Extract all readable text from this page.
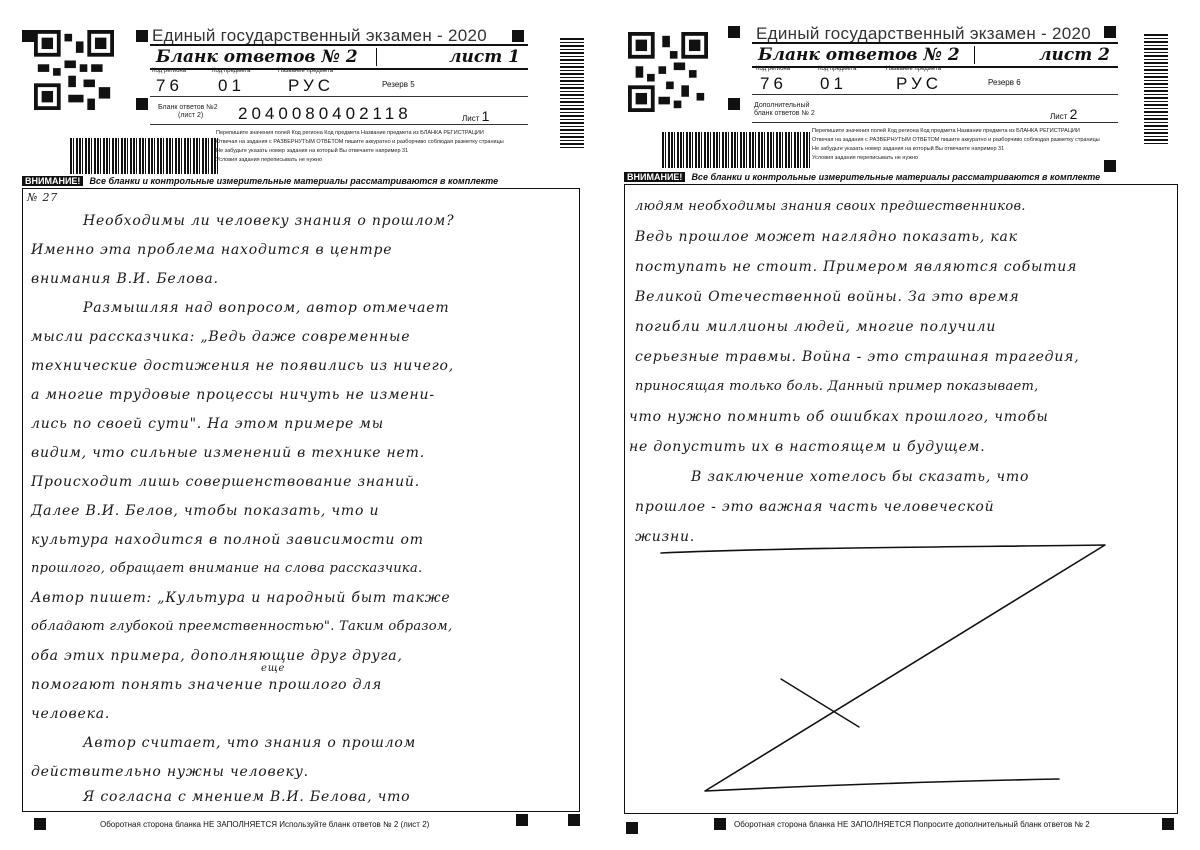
Единый государственный экзамен - 2020
Бланк ответов № 2	лист 1
Код региона	Код предмета	Название предмета
76 01	РУС	Резерв 5
Бланк ответов №2
(лист 2) 2040080402118	Лист 1
Перепишите значения полей Код региона Код предмета Название предмета из БЛАНКА РЕГИСТРАЦИИ
Отвечая на задания с РАЗВЕРНУТЫМ ОТВЕТОМ пишите аккуратно и разборчиво соблюдая разметку страницы
Не забудьте указать номер задания на который Вы отвечаете например 31
Условия задания переписывать не нужно
ВНИМАНИЕ! Все бланки и контрольные измерительные материалы рассматриваются в комплекте
№ 27
Необходимы ли человеку знания о прошлом?
Именно эта проблема находится в центре
внимания В.И. Белова.
Размышляя над вопросом, автор отмечает
мысли рассказчика: „Ведь даже современные
технические достижения не появились из ничего,
а многие трудовые процессы ничуть не измени-
лись по своей сути". На этом примере мы
видим, что сильные изменений в технике нет.
Происходит лишь совершенствование знаний.
Далее В.И. Белов, чтобы показать, что и
культура находится в полной зависимости от
прошлого, обращает внимание на слова рассказчика.
Автор пишет: „Культура и народный быт также
обладают глубокой преемственностью". Таким образом,
оба этих примера, дополняющие друг друга,
еще
помогают понять значение прошлого для
человека.
Автор считает, что знания о прошлом
действительно нужны человеку.
Я согласна с мнением В.И. Белова, что
Оборотная сторона бланка НЕ ЗАПОЛНЯЕТСЯ Используйте бланк ответов № 2 (лист 2)
Единый государственный экзамен - 2020
Бланк ответов № 2	лист 2
Код региона	Код предмета	Название предмета
76 01	РУС	Резерв 6
Дополнительный
бланк ответов № 2	Лист 2
Перепишите значения полей Код региона Код предмета Название предмета из БЛАНКА РЕГИСТРАЦИИ
Отвечая на задания с РАЗВЕРНУТЫМ ОТВЕТОМ пишите аккуратно и разборчиво соблюдая разметку страницы
Не забудьте указать номер задания на который Вы отвечаете например 31
Условия задания переписывать не нужно
ВНИМАНИЕ! Все бланки и контрольные измерительные материалы рассматриваются в комплекте
людям необходимы знания своих предшественников.
Ведь прошлое может наглядно показать, как
поступать не стоит. Примером являются события
Великой Отечественной войны. За это время
погибли миллионы людей, многие получили
серьезные травмы. Война - это страшная трагедия,
приносящая только боль. Данный пример показывает,
что нужно помнить об ошибках прошлого, чтобы
не допустить их в настоящем и будущем.
В заключение хотелось бы сказать, что
прошлое - это важная часть человеческой
жизни.
Оборотная сторона бланка НЕ ЗАПОЛНЯЕТСЯ Попросите дополнительный бланк ответов № 2
